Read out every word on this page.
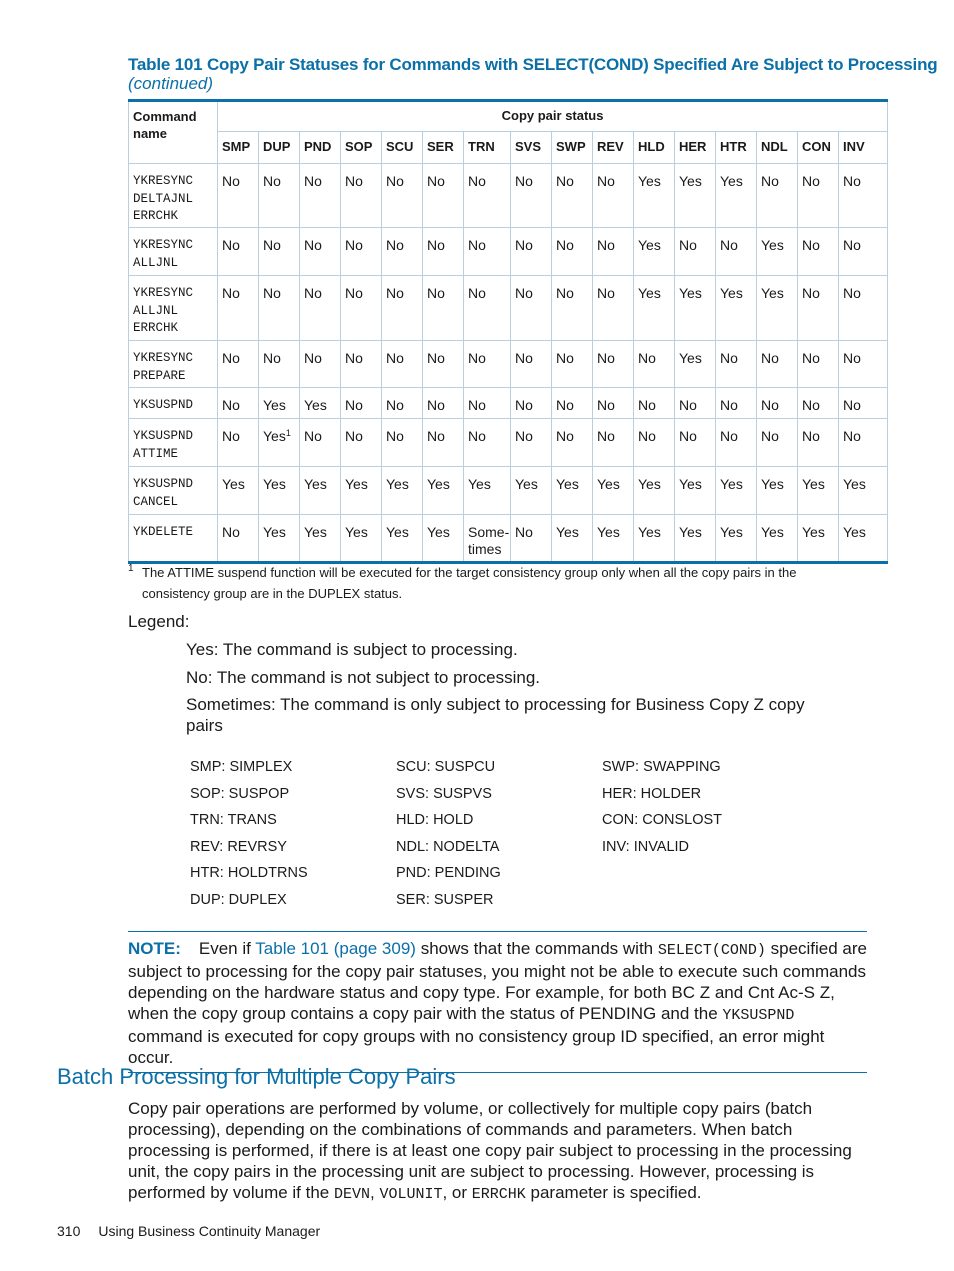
Table 101 Copy Pair Statuses for Commands with SELECT(COND) Specified Are Subject to Processing
(continued)
Command name	Copy pair status															
	SMP	DUP	PND	SOP	SCU	SER	TRN	SVS	SWP	REV	HLD	HER	HTR	NDL	CON	INV

YKRESYNC
DELTAJNL
ERRCHK	No	No	No	No	No	No	No	No	No	No	Yes	Yes	Yes	No	No	No

YKRESYNC
ALLJNL	No	No	No	No	No	No	No	No	No	No	Yes	No	No	Yes	No	No

YKRESYNC
ALLJNL
ERRCHK	No	No	No	No	No	No	No	No	No	No	Yes	Yes	Yes	Yes	No	No

YKRESYNC
PREPARE	No	No	No	No	No	No	No	No	No	No	No	Yes	No	No	No	No

YKSUSPND	No	Yes	Yes	No	No	No	No	No	No	No	No	No	No	No	No	No

YKSUSPND
ATTIME	No	Yes$^1$	No	No	No	No	No	No	No	No	No	No	No	No	No	No

YKSUSPND
CANCEL	Yes	Yes	Yes	Yes	Yes	Yes	Yes	Yes	Yes	Yes	Yes	Yes	Yes	Yes	Yes	Yes

YKDELETE	No	Yes	Yes	Yes	Yes	Yes	Some- times	No	Yes	Yes	Yes	Yes	Yes	Yes	Yes	Yes
1 The ATTIME suspend function will be executed for the target consistency group only when all the copy pairs in the consistency group are in the DUPLEX status.
Legend:
Yes: The command is subject to processing.
No: The command is not subject to processing.
Sometimes: The command is only subject to processing for Business Copy Z copy pairs
SMP: SIMPLEX
SOP: SUSPOP
TRN: TRANS
REV: REVRSY
HTR: HOLDTRNS
DUP: DUPLEX
SCU: SUSPCU
SVS: SUSPVS
HLD: HOLD
NDL: NODELTA
PND: PENDING
SER: SUSPER
SWP: SWAPPING
HER: HOLDER
CON: CONSLOST
INV: INVALID
NOTE: Even if Table 101 (page 309) shows that the commands with SELECT(COND) specified are subject to processing for the copy pair statuses, you might not be able to execute such commands depending on the hardware status and copy type. For example, for both BC Z and Cnt Ac-S Z, when the copy group contains a copy pair with the status of PENDING and the YKSUSPND command is executed for copy groups with no consistency group ID specified, an error might occur.
Batch Processing for Multiple Copy Pairs
Copy pair operations are performed by volume, or collectively for multiple copy pairs (batch processing), depending on the combinations of commands and parameters. When batch processing is performed, if there is at least one copy pair subject to processing in the processing unit, the copy pairs in the processing unit are subject to processing. However, processing is performed by volume if the DEVN, VOLUNIT, or ERRCHK parameter is specified.
310 Using Business Continuity Manager
